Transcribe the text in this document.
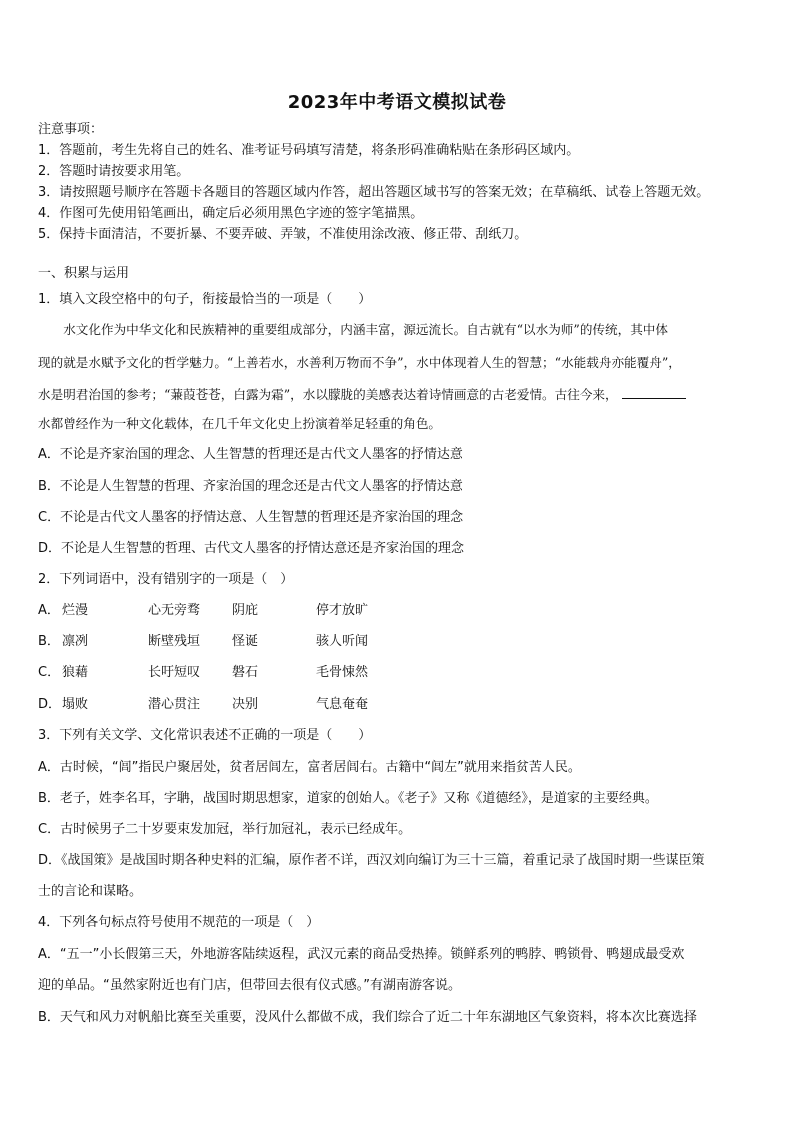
2023年中考语文模拟试卷
注意事项：
1．答题前，考生先将自己的姓名、准考证号码填写清楚，将条形码准确粘贴在条形码区域内。
2．答题时请按要求用笔。
3．请按照题号顺序在答题卡各题目的答题区域内作答，超出答题区域书写的答案无效；在草稿纸、试卷上答题无效。
4．作图可先使用铅笔画出，确定后必须用黑色字迹的签字笔描黑。
5．保持卡面清洁，不要折暴、不要弄破、弄皱，不准使用涂改液、修正带、刮纸刀。
一、积累与运用
1．填入文段空格中的句子，衔接最恰当的一项是（　　）
　　水文化作为中华文化和民族精神的重要组成部分，内涵丰富，源远流长。自古就有“以水为师”的传统，其中体
现的就是水赋予文化的哲学魅力。“上善若水，水善利万物而不争”，水中体现着人生的智慧；“水能载舟亦能覆舟”，
水是明君治国的参考；“蒹葭苍苍，白露为霜”，水以朦胧的美感表达着诗情画意的古老爱情。古往今来，
水都曾经作为一种文化载体，在几千年文化史上扮演着举足轻重的角色。
A．不论是齐家治国的理念、人生智慧的哲理还是古代文人墨客的抒情达意
B．不论是人生智慧的哲理、齐家治国的理念还是古代文人墨客的抒情达意
C．不论是古代文人墨客的抒情达意、人生智慧的哲理还是齐家治国的理念
D．不论是人生智慧的哲理、古代文人墨客的抒情达意还是齐家治国的理念
2．下列词语中，没有错别字的一项是（　）
A． 烂漫	心无旁骛 阴庇	停才放旷
B． 凛冽	断壁残垣 怪诞	骇人听闻
C． 狼藉	长吁短叹 磐石	毛骨悚然
D．塌败	潜心贯注 决别	气息奄奄
3．下列有关文学、文化常识表述不正确的一项是（　　）
A．古时候，“闾”指民户聚居处，贫者居闾左，富者居闾右。古籍中“闾左”就用来指贫苦人民。
B．老子，姓李名耳，字聃，战国时期思想家，道家的创始人。《老子》又称《道德经》，是道家的主要经典。
C．古时候男子二十岁要束发加冠，举行加冠礼，表示已经成年。
D．《战国策》是战国时期各种史料的汇编，原作者不详，西汉刘向编订为三十三篇，着重记录了战国时期一些谋臣策
士的言论和谋略。
4．下列各句标点符号使用不规范的一项是（　）
A．“五一”小长假第三天，外地游客陆续返程，武汉元素的商品受热捧。锁鲜系列的鸭脖、鸭锁骨、鸭翅成最受欢
迎的单品。“虽然家附近也有门店，但带回去很有仪式感。”有湖南游客说。
B．天气和风力对帆船比赛至关重要，没风什么都做不成，我们综合了近二十年东湖地区气象资料，将本次比赛选择
